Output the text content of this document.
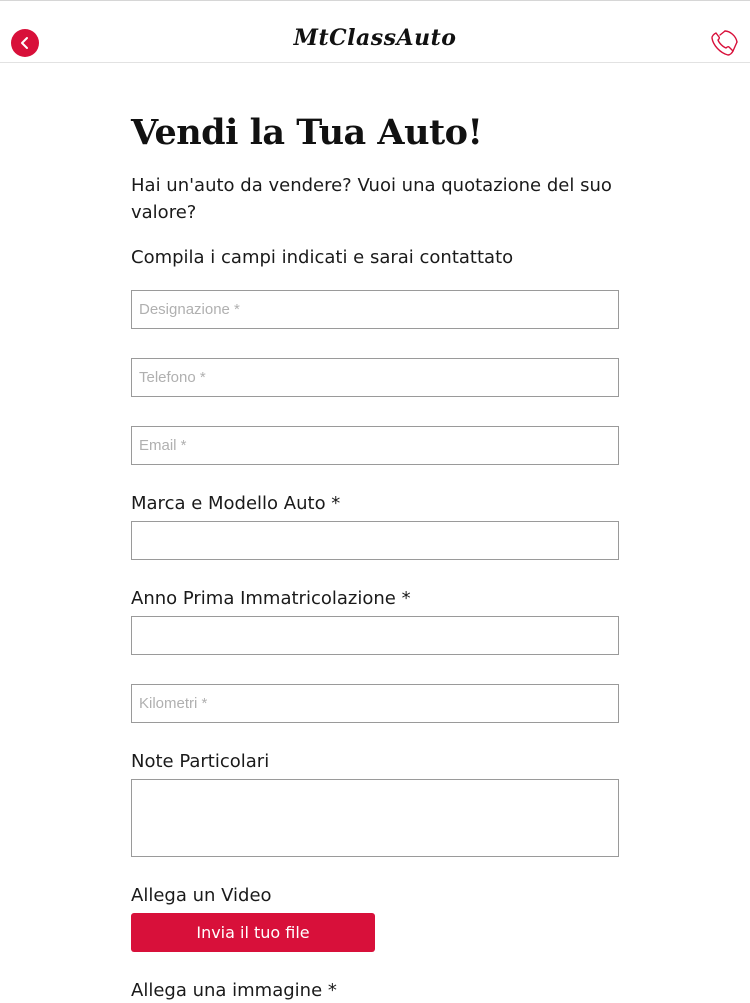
MtClassAuto
Vendi la Tua Auto!

Hai un'auto da vendere? Vuoi una quotazione del suo valore?

Compila i campi indicati e sarai contattato

Designazione *
Telefono *
Email *
Marca e Modello Auto *
Anno Prima Immatricolazione *
Kilometri *
Note Particolari
Allega un Video
Invia il tuo file
Allega una immagine *
